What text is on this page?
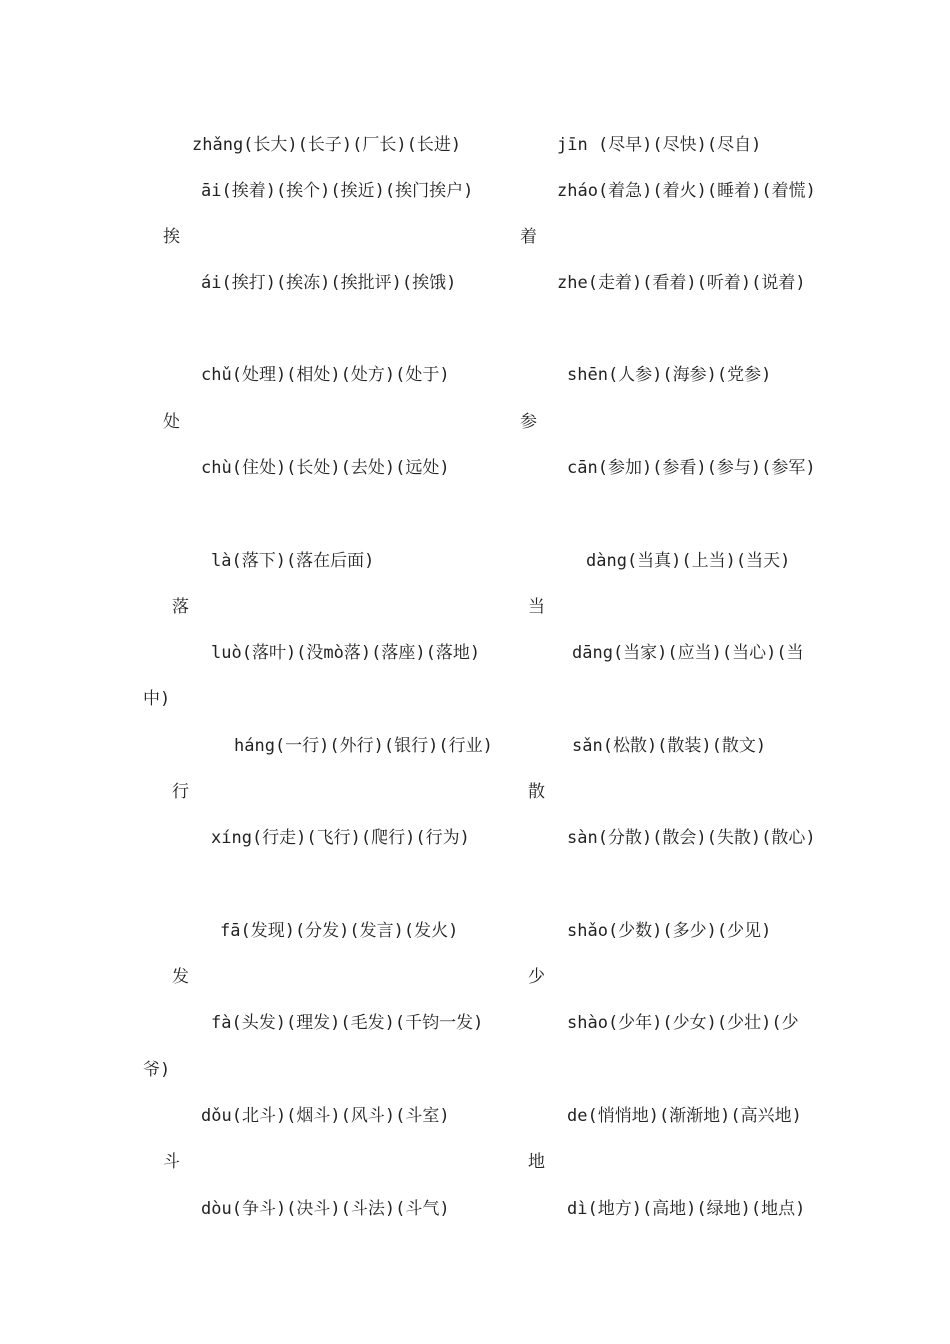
zhǎng(长大)(长子)(厂长)(长进)	jīn (尽早)(尽快)(尽自)
āi(挨着)(挨个)(挨近)(挨门挨户)	zháo(着急)(着火)(睡着)(着慌)
挨	着
ái(挨打)(挨冻)(挨批评)(挨饿)	zhe(走着)(看着)(听着)(说着)
chǔ(处理)(相处)(处方)(处于)	shēn(人参)(海参)(党参)
处	参
chù(住处)(长处)(去处)(远处)	cān(参加)(参看)(参与)(参军)
là(落下)(落在后面)	dàng(当真)(上当)(当天)
落	当
luò(落叶)(没mò落)(落座)(落地)	dāng(当家)(应当)(当心)(当
中)
háng(一行)(外行)(银行)(行业)	sǎn(松散)(散装)(散文)
行	散
xíng(行走)(飞行)(爬行)(行为)	sàn(分散)(散会)(失散)(散心)
fā(发现)(分发)(发言)(发火)	shǎo(少数)(多少)(少见)
发	少
fà(头发)(理发)(毛发)(千钧一发)	shào(少年)(少女)(少壮)(少
爷)
dǒu(北斗)(烟斗)(风斗)(斗室)	de(悄悄地)(渐渐地)(高兴地)
斗	地
dòu(争斗)(决斗)(斗法)(斗气)	dì(地方)(高地)(绿地)(地点)
